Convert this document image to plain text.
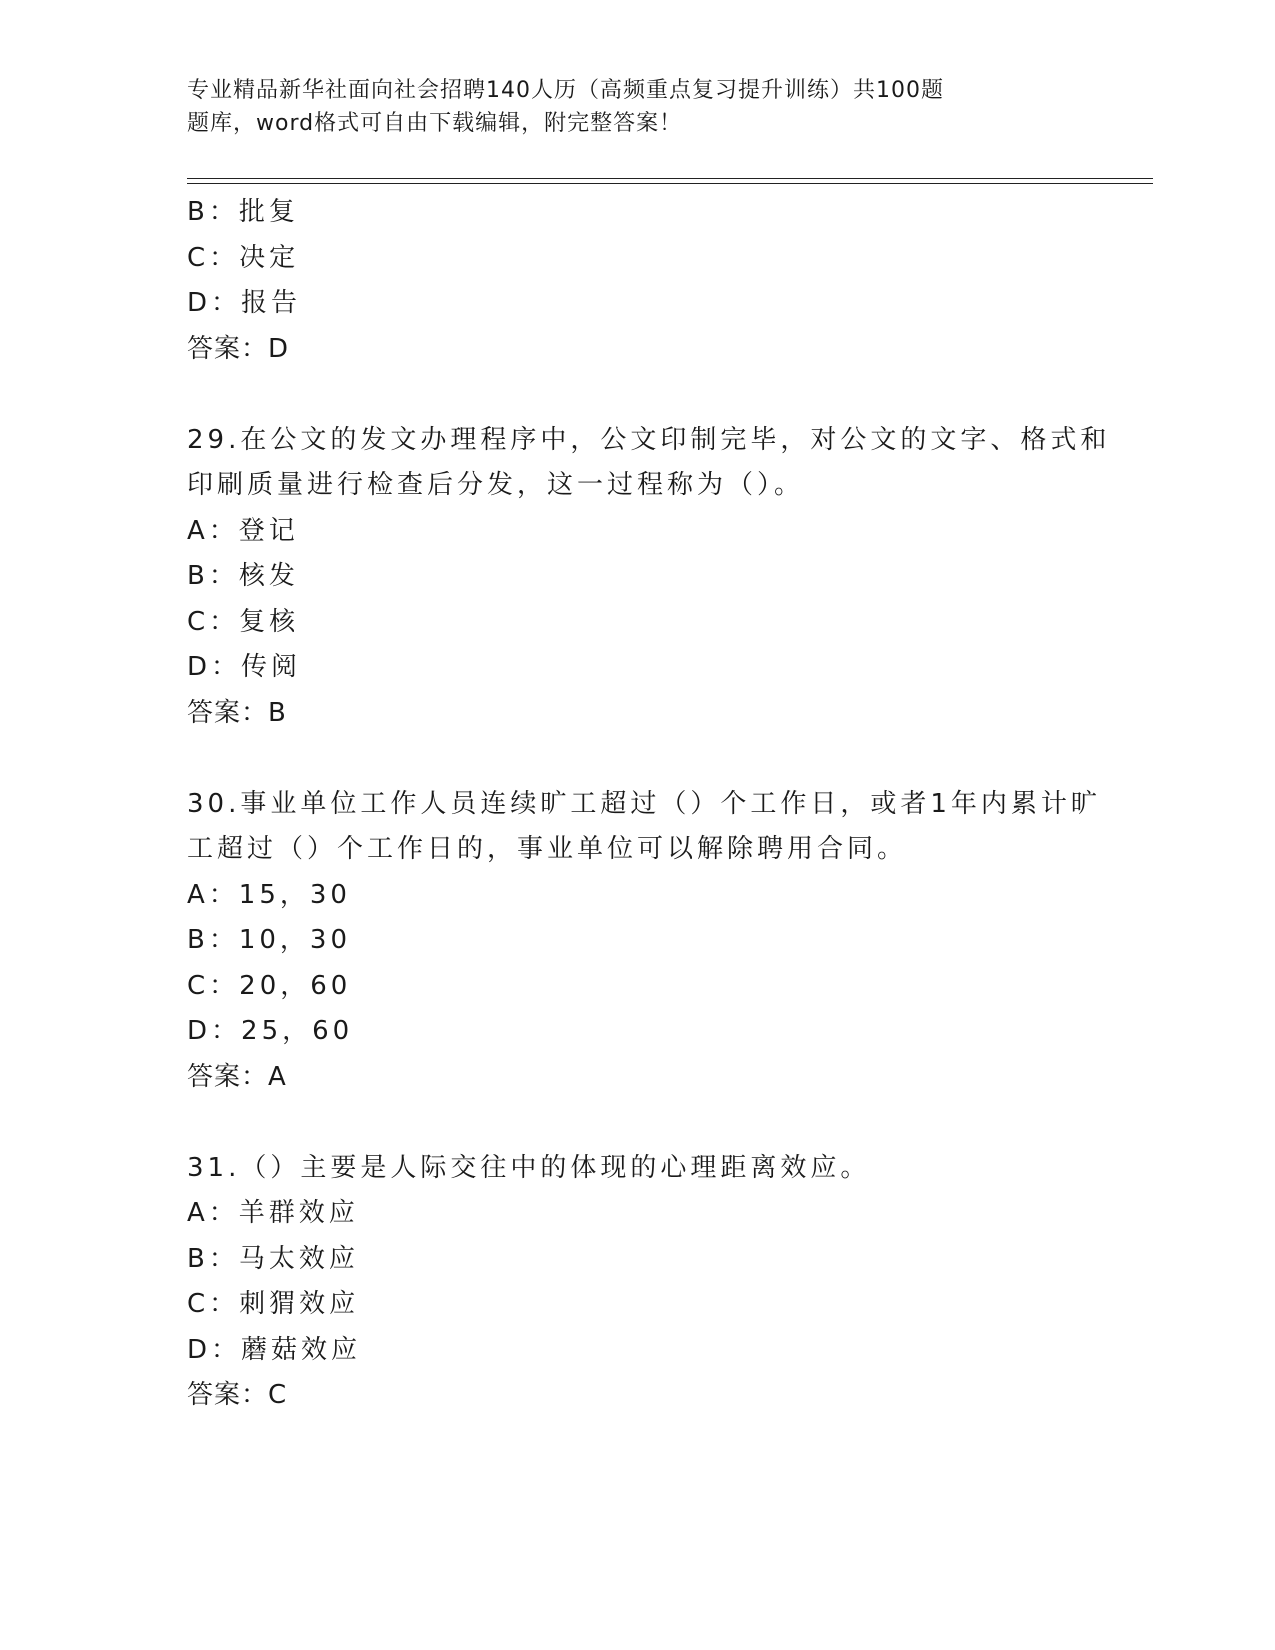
专业精品新华社面向社会招聘140人历（高频重点复习提升训练）共100题
题库，word格式可自由下载编辑，附完整答案！
B：批复
C：决定
D：报告
答案：D
29.在公文的发文办理程序中，公文印制完毕，对公文的文字、格式和
印刷质量进行检查后分发，这一过程称为（）。
A：登记
B：核发
C：复核
D：传阅
答案：B
30.事业单位工作人员连续旷工超过（）个工作日，或者1年内累计旷
工超过（）个工作日的，事业单位可以解除聘用合同。
A：15，30
B：10，30
C：20，60
D：25，60
答案：A
31.（）主要是人际交往中的体现的心理距离效应。
A：羊群效应
B：马太效应
C：刺猬效应
D：蘑菇效应
答案：C
